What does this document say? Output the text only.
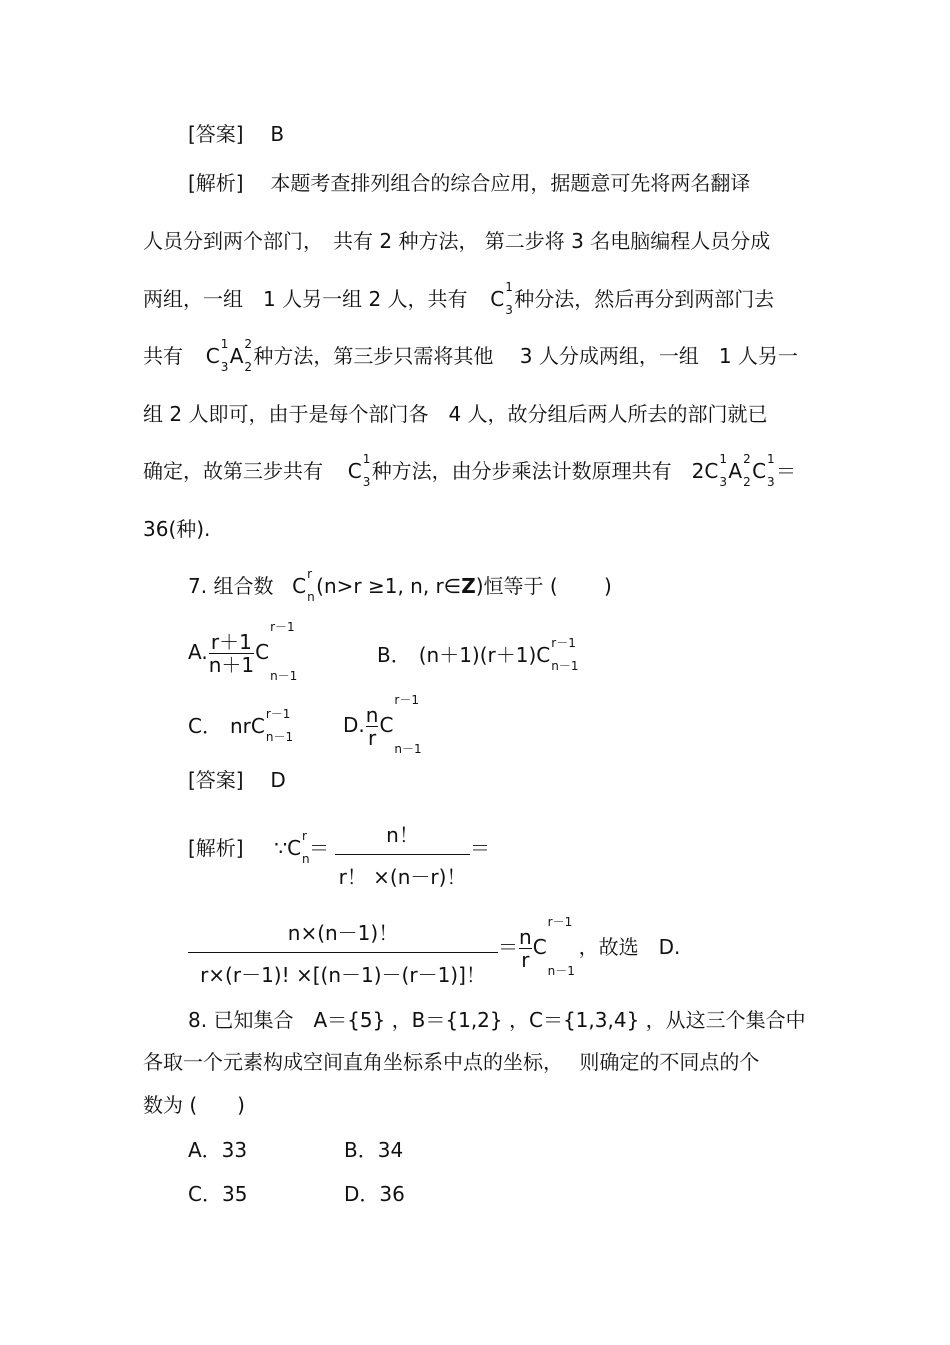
[答案] B
[解析] 本题考查排列组合的综合应用，据题意可先将两名翻译
人员分到两个部门，　共有 2 种方法， 第二步将 3 名电脑编程人员分成
两组，一组　1 人另一组 2 人，共有 C 1
3 种分法，然后再分到两部门去
共有 C 1
3 A 2
2 种方法，第三步只需将其他　 3 人分成两组，一组　1 人另一
组 2 人即可，由于是每个部门各　4 人，故分组后两人所去的部门就已
确定，故第三步共有 C 1
3 种方法，由分步乘法计数原理共有　2C 1
3 A 2
2 C 1
3 ＝
36(种).
7. 组合数 C r
n (n>r ≥1, n, r∈Z)恒等于 (　　 )
A. $\frac{r+1}{n+1}$ C
r－1
n－1
B． (n＋1)(r＋1)C r－1
n－1
C． nrC r－1
n－1 D. $\frac{n}{r}$ C
r－1
n－1
[答案] D
[解析] ∵C r
n ＝
n！
r！ ×(n－r)！
＝
n×(n－1)！
r×(r－1)! ×[(n－1)－(r－1)]！
＝ $\frac{n}{r}$ C
r－1
n－1
，故选　D.
8. 已知集合　A＝{5} ，B＝{1,2} ，C＝{1,3,4} ，从这三个集合中
各取一个元素构成空间直角坐标系中点的坐标，　 则确定的不同点的个
数为 (　　)
A．33	B．34
C．35	D．36
